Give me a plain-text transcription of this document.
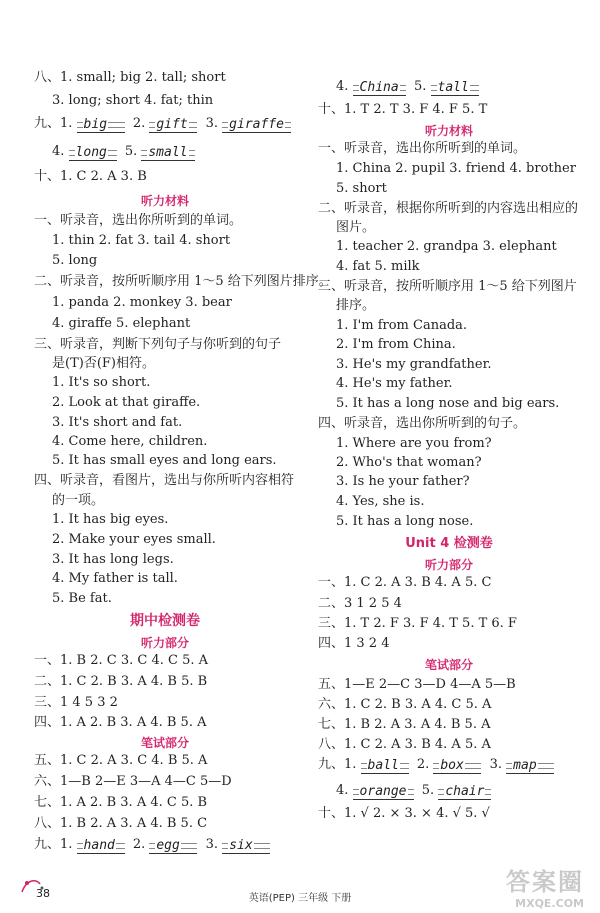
八、1. small; big 2. tall; short
3. long; short 4. fat; thin
九、1. big 2. gift 3. giraffe
4. long 5. small
十、1. C 2. A 3. B
听力材料
一、听录音，选出你所听到的单词。
1. thin 2. fat 3. tail 4. short
5. long
二、听录音，按所听顺序用 1～5 给下列图片排序。
1. panda 2. monkey 3. bear
4. giraffe 5. elephant
三、听录音，判断下列句子与你听到的句子
是(T)否(F)相符。
1. It's so short.
2. Look at that giraffe.
3. It's short and fat.
4. Come here, children.
5. It has small eyes and long ears.
四、听录音，看图片，选出与你所听内容相符
的一项。
1. It has big eyes.
2. Make your eyes small.
3. It has long legs.
4. My father is tall.
5. Be fat.
期中检测卷
听力部分
一、1. B 2. C 3. C 4. C 5. A
二、1. C 2. B 3. A 4. B 5. B
三、1 4 5 3 2
四、1. A 2. B 3. A 4. B 5. A
笔试部分
五、1. C 2. A 3. C 4. B 5. A
六、1—B 2—E 3—A 4—C 5—D
七、1. A 2. B 3. A 4. C 5. B
八、1. B 2. A 3. A 4. B 5. C
九、1. hand 2. egg 3. six
4. China 5. tall
十、1. T 2. T 3. F 4. F 5. T
听力材料
一、听录音，选出你所听到的单词。
1. China 2. pupil 3. friend 4. brother
5. short
二、听录音，根据你所听到的内容选出相应的
图片。
1. teacher 2. grandpa 3. elephant
4. fat 5. milk
三、听录音，按所听顺序用 1～5 给下列图片
排序。
1. I'm from Canada.
2. I'm from China.
3. He's my grandfather.
4. He's my father.
5. It has a long nose and big ears.
四、听录音，选出你所听到的句子。
1. Where are you from?
2. Who's that woman?
3. Is he your father?
4. Yes, she is.
5. It has a long nose.
Unit 4 检测卷
听力部分
一、1. C 2. A 3. B 4. A 5. C
二、3 1 2 5 4
三、1. T 2. F 3. F 4. T 5. T 6. F
四、1 3 2 4
笔试部分
五、1—E 2—C 3—D 4—A 5—B
六、1. C 2. B 3. A 4. C 5. A
七、1. B 2. A 3. A 4. B 5. A
八、1. C 2. A 3. B 4. A 5. A
九、1. ball 2. box 3. map
4. orange 5. chair
十、1. √ 2. × 3. × 4. √ 5. √
38	英语(PEP) 三年级 下册
答案圈
MXQE.COM
